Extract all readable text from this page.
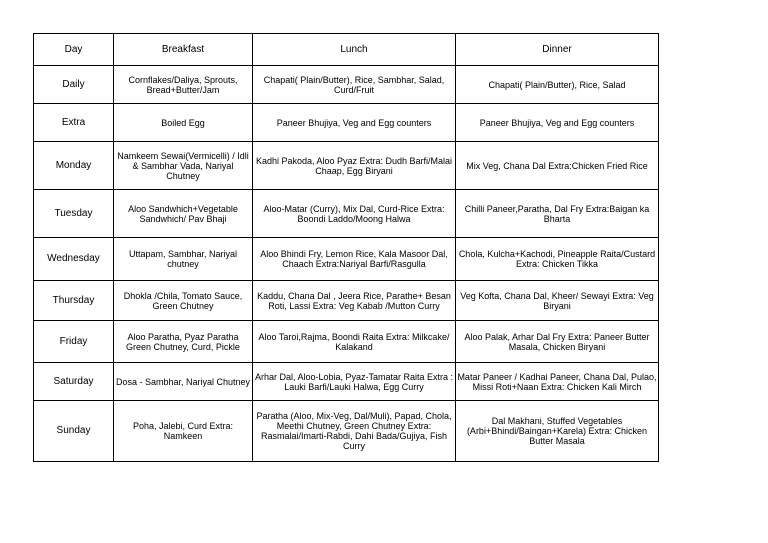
Day	Breakfast	Lunch	Dinner
Daily	Cornflakes/Daliya, Sprouts, Bread+Butter/Jam	Chapati( Plain/Butter), Rice, Sambhar, Salad, Curd/Fruit	Chapati( Plain/Butter), Rice, Salad
Extra	Boiled Egg	Paneer Bhujiya, Veg and Egg counters	Paneer Bhujiya, Veg and Egg counters
Monday	Namkeem Sewai(Vermicelli) / Idli & Sambhar Vada, Nariyal Chutney	Kadhi Pakoda, Aloo Pyaz Extra: Dudh Barfi/Malai Chaap, Egg Biryani	Mix Veg, Chana Dal Extra:Chicken Fried Rice
Tuesday	Aloo Sandwhich+Vegetable Sandwhich/ Pav Bhaji	Aloo-Matar (Curry), Mix Dal, Curd-Rice Extra: Boondi Laddo/Moong Halwa	Chilli Paneer,Paratha, Dal Fry Extra:Baigan ka Bharta
Wednesday	Uttapam, Sambhar, Nariyal chutney	Aloo Bhindi Fry, Lemon Rice, Kala Masoor Dal, Chaach Extra:Nariyal Barfi/Rasgulla	Chola, Kulcha+Kachodi, Pineapple Raita/Custard Extra: Chicken Tikka
Thursday	Dhokla /Chila, Tomato Sauce, Green Chutney	Kaddu, Chana Dal , Jeera Rice, Parathe+ Besan Roti, Lassi Extra: Veg Kabab /Mutton Curry	Veg Kofta, Chana Dal, Kheer/ Sewayi Extra: Veg Biryani
Friday	Aloo Paratha, Pyaz Paratha Green Chutney, Curd, Pickle	Aloo Taroi,Rajma, Boondi Raita Extra: Milkcake/ Kalakand	Aloo Palak, Arhar Dal Fry Extra: Paneer Butter Masala, Chicken Biryani
Saturday	Dosa - Sambhar, Nariyal Chutney	Arhar Dal, Aloo-Lobia, Pyaz-Tamatar Raita Extra : Lauki Barfi/Lauki Halwa, Egg Curry	Matar Paneer / Kadhai Paneer, Chana Dal, Pulao, Missi Roti+Naan Extra: Chicken Kali Mirch
Sunday	Poha, Jalebi, Curd Extra: Namkeen	Paratha (Aloo, Mix-Veg, Dal/Muli), Papad, Chola, Meethi Chutney, Green Chutney Extra: Rasmalai/Imarti-Rabdi, Dahi Bada/Gujiya, Fish Curry	Dal Makhani, Stuffed Vegetables (Arbi+Bhindi/Baingan+Karela) Extra: Chicken Butter Masala
